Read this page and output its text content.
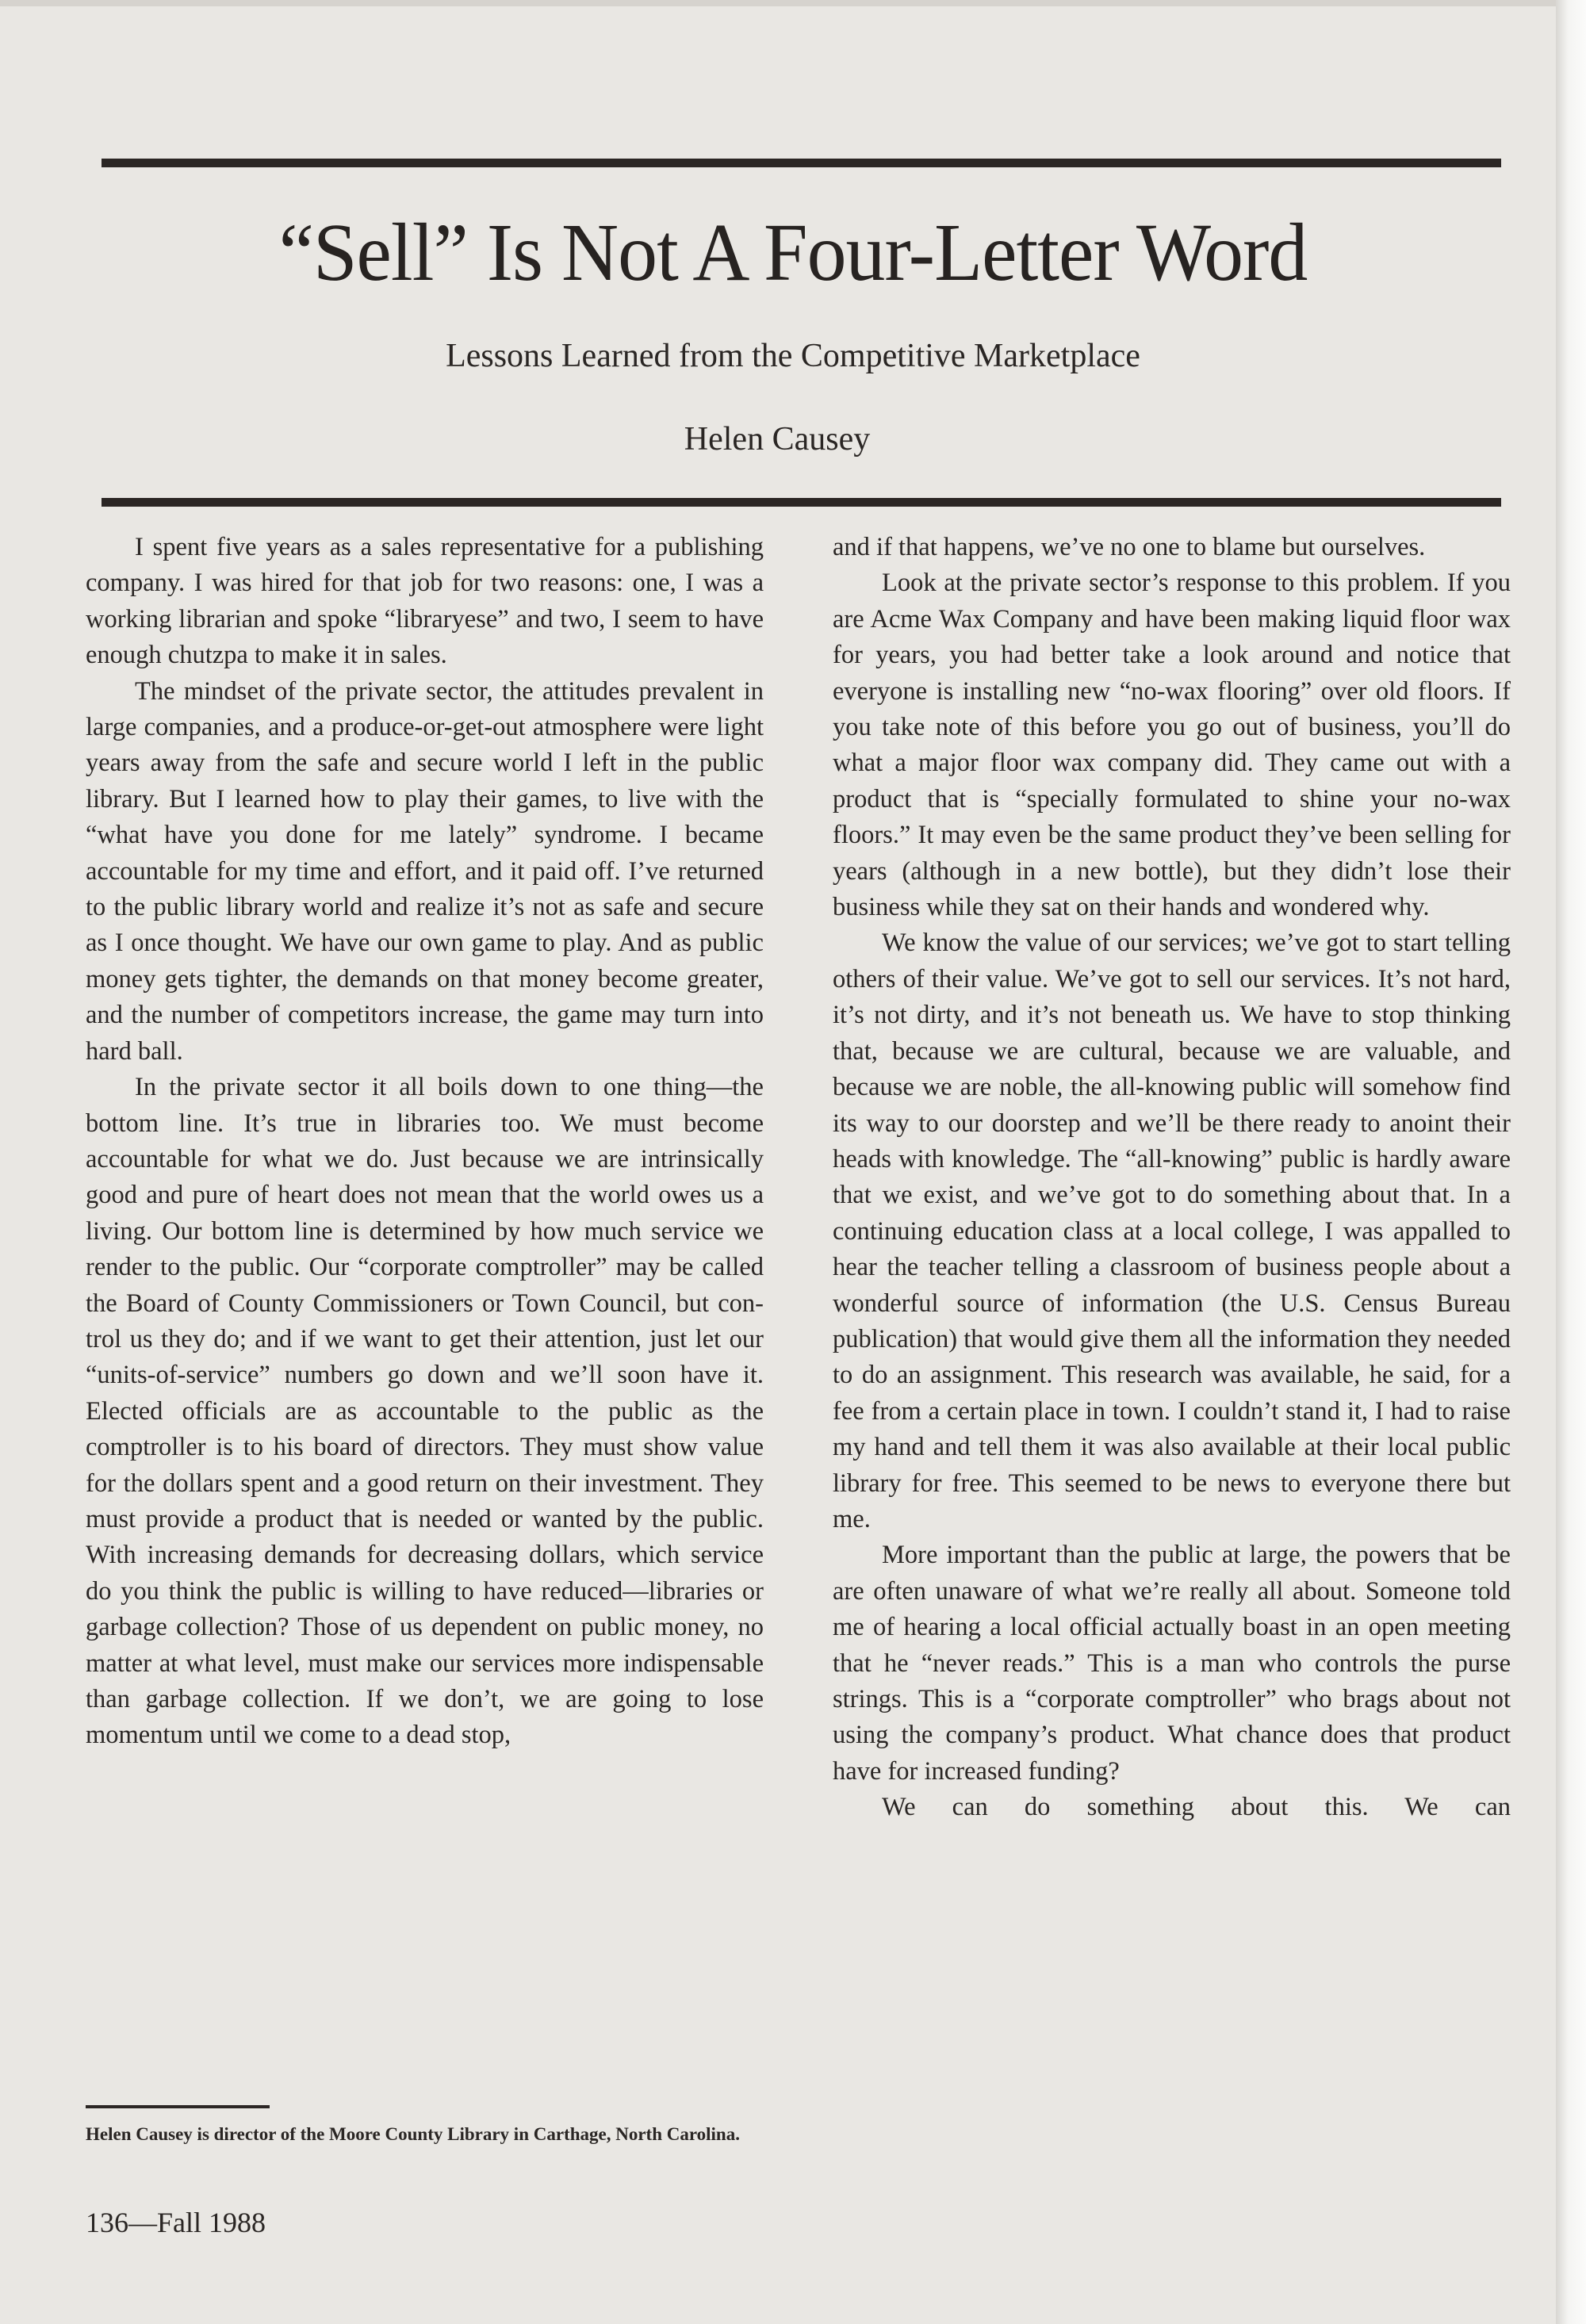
“Sell” Is Not A Four-Letter Word
Lessons Learned from the Competitive Marketplace
Helen Causey

I spent five years as a sales representative for a publishing company. I was hired for that job for two reasons: one, I was a working librarian and spoke “libraryese” and two, I seem to have enough chutzpa to make it in sales.

The mindset of the private sector, the attitudes prevalent in large companies, and a produce-or-get-out atmosphere were light years away from the safe and secure world I left in the public library. But I learned how to play their games, to live with the “what have you done for me lately” syndrome. I became accountable for my time and effort, and it paid off. I’ve returned to the public library world and realize it’s not as safe and secure as I once thought. We have our own game to play. And as public money gets tighter, the demands on that money become greater, and the number of competitors increase, the game may turn into hard ball.

In the private sector it all boils down to one thing—the bottom line. It’s true in libraries too. We must become accountable for what we do. Just because we are intrinsically good and pure of heart does not mean that the world owes us a living. Our bottom line is determined by how much service we render to the public. Our “corporate comptroller” may be called the Board of County Commissioners or Town Council, but control us they do; and if we want to get their attention, just let our “units-of-service” numbers go down and we’ll soon have it. Elected officials are as accountable to the public as the comptroller is to his board of directors. They must show value for the dollars spent and a good return on their investment. They must provide a product that is needed or wanted by the public. With increasing demands for decreasing dollars, which service do you think the public is willing to have reduced—libraries or garbage collection? Those of us dependent on public money, no matter at what level, must make our services more indispensable than garbage collection. If we don’t, we are going to lose momentum until we come to a dead stop,

and if that happens, we’ve no one to blame but ourselves.

Look at the private sector’s response to this problem. If you are Acme Wax Company and have been making liquid floor wax for years, you had better take a look around and notice that everyone is installing new “no-wax flooring” over old floors. If you take note of this before you go out of business, you’ll do what a major floor wax company did. They came out with a product that is “specially formulated to shine your no-wax floors.” It may even be the same product they’ve been selling for years (although in a new bottle), but they didn’t lose their business while they sat on their hands and wondered why.

We know the value of our services; we’ve got to start telling others of their value. We’ve got to sell our services. It’s not hard, it’s not dirty, and it’s not beneath us. We have to stop thinking that, because we are cultural, because we are valuable, and because we are noble, the all-knowing public will somehow find its way to our doorstep and we’ll be there ready to anoint their heads with knowledge. The “all-knowing” public is hardly aware that we exist, and we’ve got to do something about that. In a continuing education class at a local college, I was appalled to hear the teacher telling a classroom of business people about a wonderful source of information (the U.S. Census Bureau publication) that would give them all the information they needed to do an assignment. This research was available, he said, for a fee from a certain place in town. I couldn’t stand it, I had to raise my hand and tell them it was also available at their local public library for free. This seemed to be news to everyone there but me.

More important than the public at large, the powers that be are often unaware of what we’re really all about. Someone told me of hearing a local official actually boast in an open meeting that he “never reads.” This is a man who controls the purse strings. This is a “corporate comptroller” who brags about not using the company’s product. What chance does that product have for increased funding?

We can do something about this. We can

Helen Causey is director of the Moore County Library in Carthage, North Carolina.
136—Fall 1988
